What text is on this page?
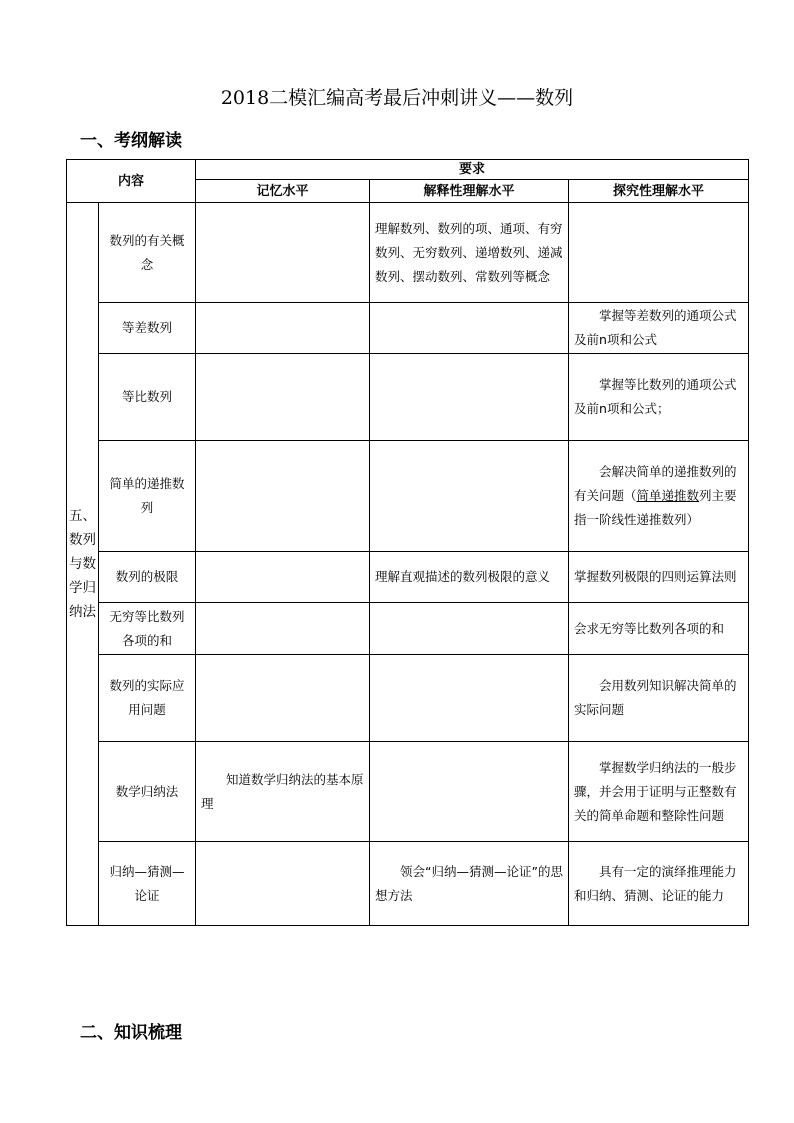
2018二模汇编高考最后冲刺讲义——数列
一、考纲解读
内容		要求		
		记忆水平	解释性理解水平	探究性理解水平
五、数列与数学归纳法	数列的有关概念		理解数列、数列的项、通项、有穷数列、无穷数列、递增数列、递减数列、摆动数列、常数列等概念	
	等差数列			掌握等差数列的通项公式及前n项和公式
	等比数列			掌握等比数列的通项公式及前n项和公式；
	简单的递推数列			会解决简单的递推数列的有关问题（简单递推数列主要指一阶线性递推数列）
	数列的极限		理解直观描述的数列极限的意义	掌握数列极限的四则运算法则
	无穷等比数列各项的和			会求无穷等比数列各项的和
	数列的实际应用问题			会用数列知识解决简单的实际问题
	数学归纳法	知道数学归纳法的基本原理		掌握数学归纳法的一般步骤，并会用于证明与正整数有关的简单命题和整除性问题
	归纳—猜测—论证		领会“归纳—猜测—论证”的思想方法	具有一定的演绎推理能力和归纳、猜测、论证的能力
二、知识梳理
